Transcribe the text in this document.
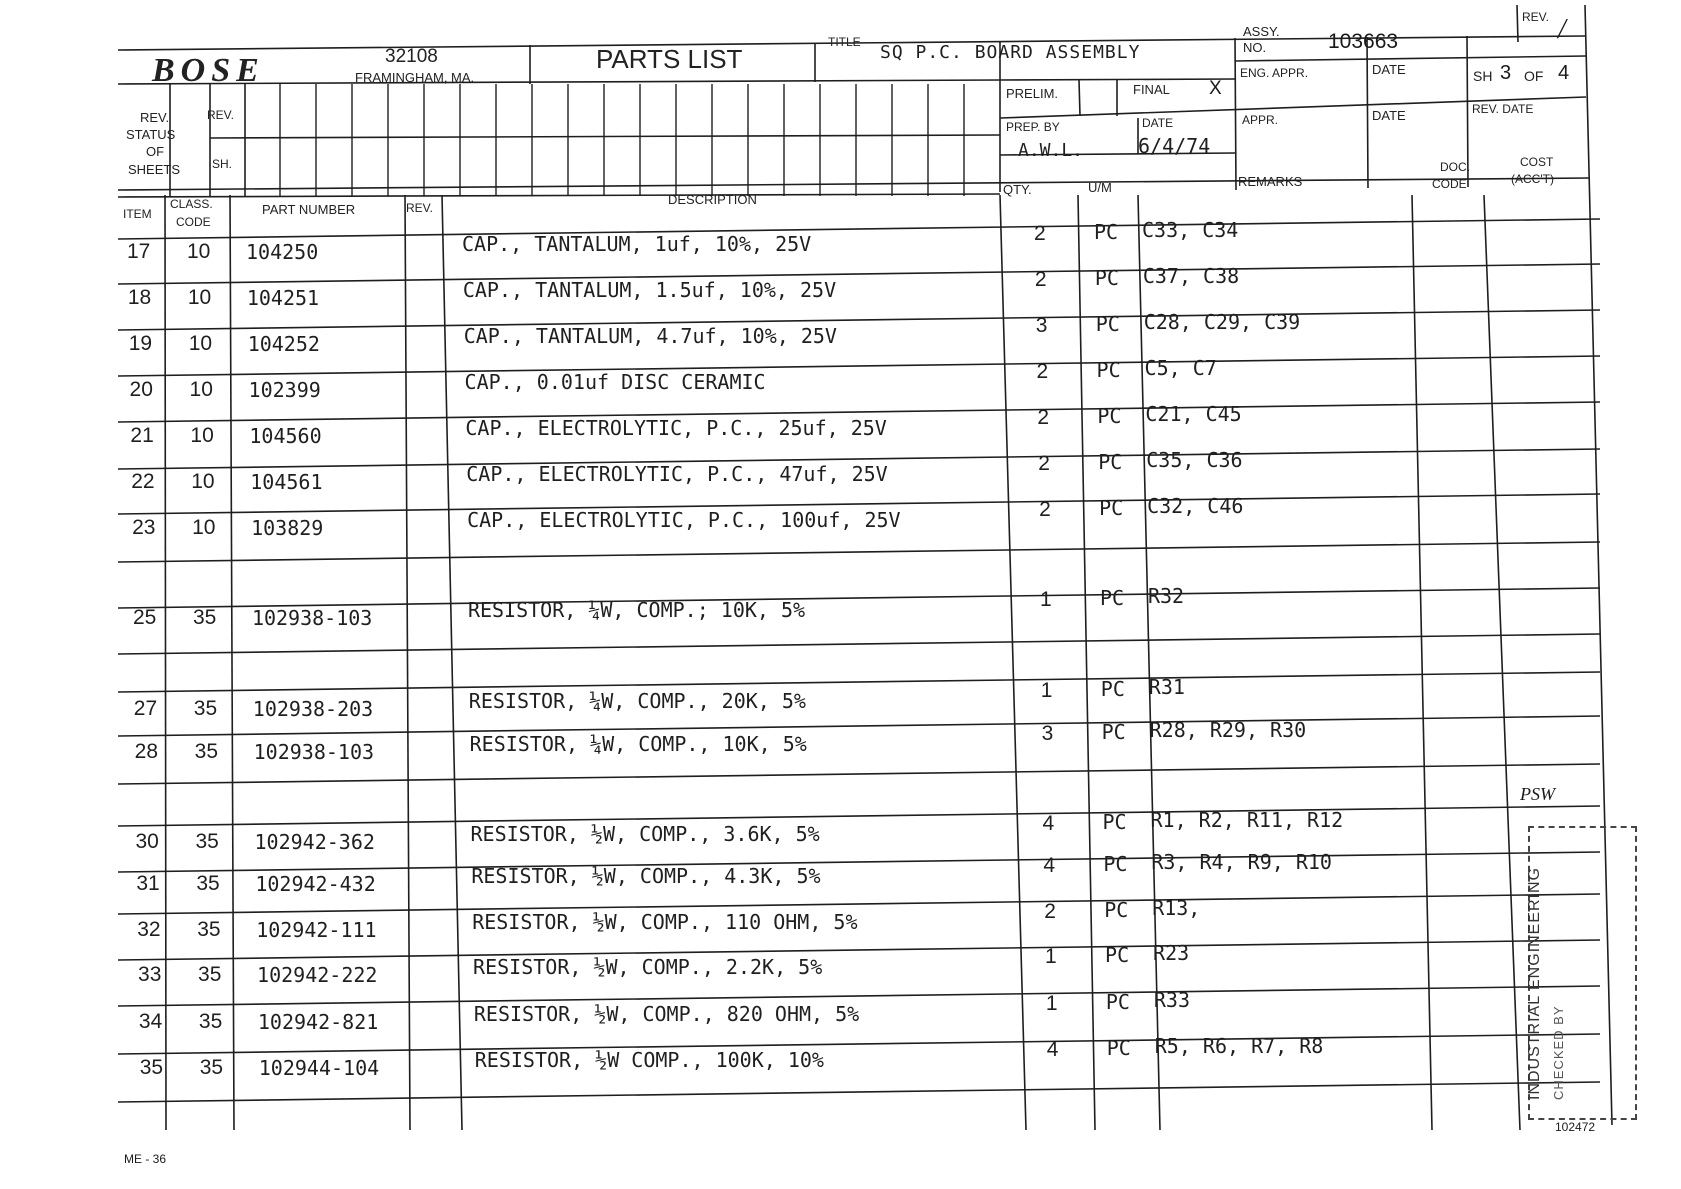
BOSE	32108
FRAMINGHAM, MA.
PARTS LIST
TITLE SQ P.C. BOARD ASSEMBLY
ASSY.
NO.	103663
REV. /
PRELIM.	FINAL X
ENG. APPR.	DATE	SH 3 OF 4
REV.
STATUS
OF
SHEETS
REV.
SH.
PREP. BY
A.W.L.
DATE
6/4/74
APPR.	DATE	REV. DATE
ITEM
CLASS.
CODE
PART NUMBER	REV.
DESCRIPTION
QTY.	U/M	REMARKS
DOC.
CODE
COST
(ACC'T)
17 10 104250	CAP., TANTALUM, 1uf, 10%, 25V	2 PC C33, C34
18 10 104251	CAP., TANTALUM, 1.5uf, 10%, 25V	2 PC C37, C38
19 10 104252	CAP., TANTALUM, 4.7uf, 10%, 25V	3 PC C28, C29, C39
20 10 102399	CAP., 0.01uf DISC CERAMIC	2 PC C5, C7
21 10 104560	CAP., ELECTROLYTIC, P.C., 25uf, 25V	2 PC C21, C45
22 10 104561	CAP., ELECTROLYTIC, P.C., 47uf, 25V	2 PC C35, C36
23 10 103829	CAP., ELECTROLYTIC, P.C., 100uf, 25V	2 PC C32, C46
25 35 102938-103	RESISTOR, ¼W, COMP.; 10K, 5%	1 PC R32
27 35 102938-203	RESISTOR, ¼W, COMP., 20K, 5%	1 PC R31
28 35 102938-103	RESISTOR, ¼W, COMP., 10K, 5%	3 PC R28, R29, R30
30 35 102942-362	RESISTOR, ½W, COMP., 3.6K, 5%	4 PC R1, R2, R11, R12
31 35 102942-432	RESISTOR, ½W, COMP., 4.3K, 5%	4 PC R3, R4, R9, R10
32 35 102942-111	RESISTOR, ½W, COMP., 110 OHM, 5%	2 PC R13,
33 35 102942-222	RESISTOR, ½W, COMP., 2.2K, 5%	1 PC R23
34 35 102942-821	RESISTOR, ½W, COMP., 820 OHM, 5%	1 PC R33
35 35 102944-104	RESISTOR, ½W COMP., 100K, 10%	4 PC R5, R6, R7, R8
PSW
INDUSTRIAL ENGINEERING CHECKED BY
ME - 36
102472
